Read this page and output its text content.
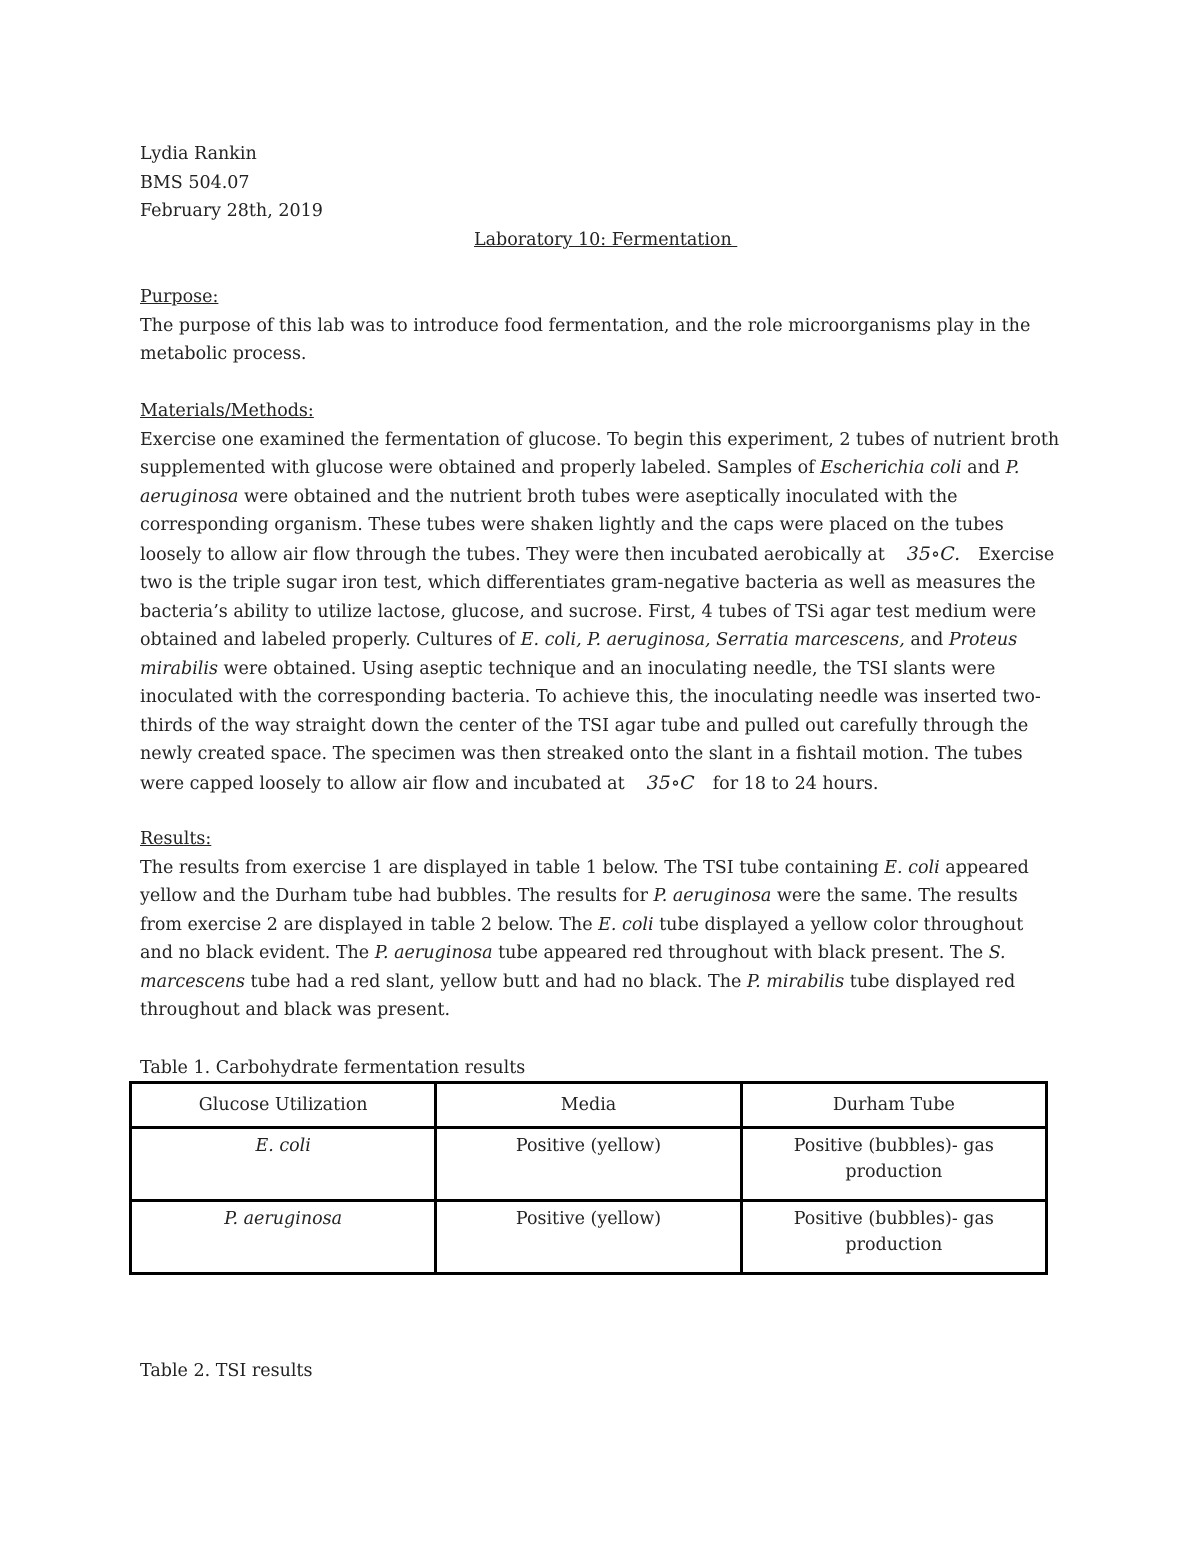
Lydia Rankin

BMS 504.07

February 28th, 2019

Laboratory 10: Fermentation

Purpose:

The purpose of this lab was to introduce food fermentation, and the role microorganisms play in the metabolic process.

Materials/Methods:

Exercise one examined the fermentation of glucose. To begin this experiment, 2 tubes of nutrient broth supplemented with glucose were obtained and properly labeled. Samples of Escherichia coli and P. aeruginosa were obtained and the nutrient broth tubes were aseptically inoculated with the corresponding organism. These tubes were shaken lightly and the caps were placed on the tubes loosely to allow air flow through the tubes. They were then incubated aerobically at 35∘C. Exercise two is the triple sugar iron test, which differentiates gram-negative bacteria as well as measures the bacteria’s ability to utilize lactose, glucose, and sucrose. First, 4 tubes of TSi agar test medium were obtained and labeled properly. Cultures of E. coli, P. aeruginosa, Serratia marcescens, and Proteus mirabilis were obtained. Using aseptic technique and an inoculating needle, the TSI slants were inoculated with the corresponding bacteria. To achieve this, the inoculating needle was inserted two-thirds of the way straight down the center of the TSI agar tube and pulled out carefully through the newly created space. The specimen was then streaked onto the slant in a fishtail motion. The tubes were capped loosely to allow air flow and incubated at 35∘C for 18 to 24 hours.

Results:

The results from exercise 1 are displayed in table 1 below. The TSI tube containing E. coli appeared yellow and the Durham tube had bubbles. The results for P. aeruginosa were the same. The results from exercise 2 are displayed in table 2 below. The E. coli tube displayed a yellow color throughout and no black evident. The P. aeruginosa tube appeared red throughout with black present. The S. marcescens tube had a red slant, yellow butt and had no black. The P. mirabilis tube displayed red throughout and black was present.

Table 1. Carbohydrate fermentation results
Glucose Utilization	Media	Durham Tube
E. coli	Positive (yellow)	Positive (bubbles)- gas production
P. aeruginosa	Positive (yellow)	Positive (bubbles)- gas production
Table 2. TSI results
